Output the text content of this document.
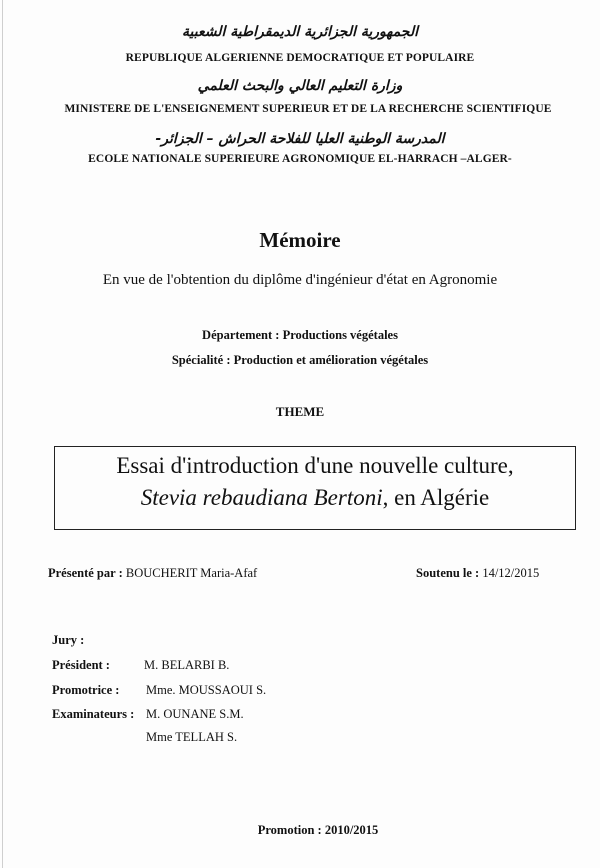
الجمهورية الجزائرية الديمقراطية الشعبية
REPUBLIQUE ALGERIENNE DEMOCRATIQUE ET POPULAIRE
وزارة التعليم العالي والبحث العلمي
MINISTERE DE L'ENSEIGNEMENT SUPERIEUR ET DE LA RECHERCHE SCIENTIFIQUE
المدرسة الوطنية العليا للفلاحة الحراش – الجزائر-
ECOLE NATIONALE SUPERIEURE AGRONOMIQUE EL-HARRACH –ALGER-
Mémoire
En vue de l'obtention du diplôme d'ingénieur d'état en Agronomie
Département : Productions végétales
Spécialité : Production et amélioration végétales
THEME
Essai d'introduction d'une nouvelle culture,
Stevia rebaudiana Bertoni, en Algérie
Présenté par : BOUCHERIT Maria-Afaf	Soutenu le : 14/12/2015
Jury :
Président :	M. BELARBI B.
Promotrice : Mme. MOUSSAOUI S.
Examinateurs : M. OUNANE S.M.
Mme TELLAH S.
Promotion : 2010/2015
